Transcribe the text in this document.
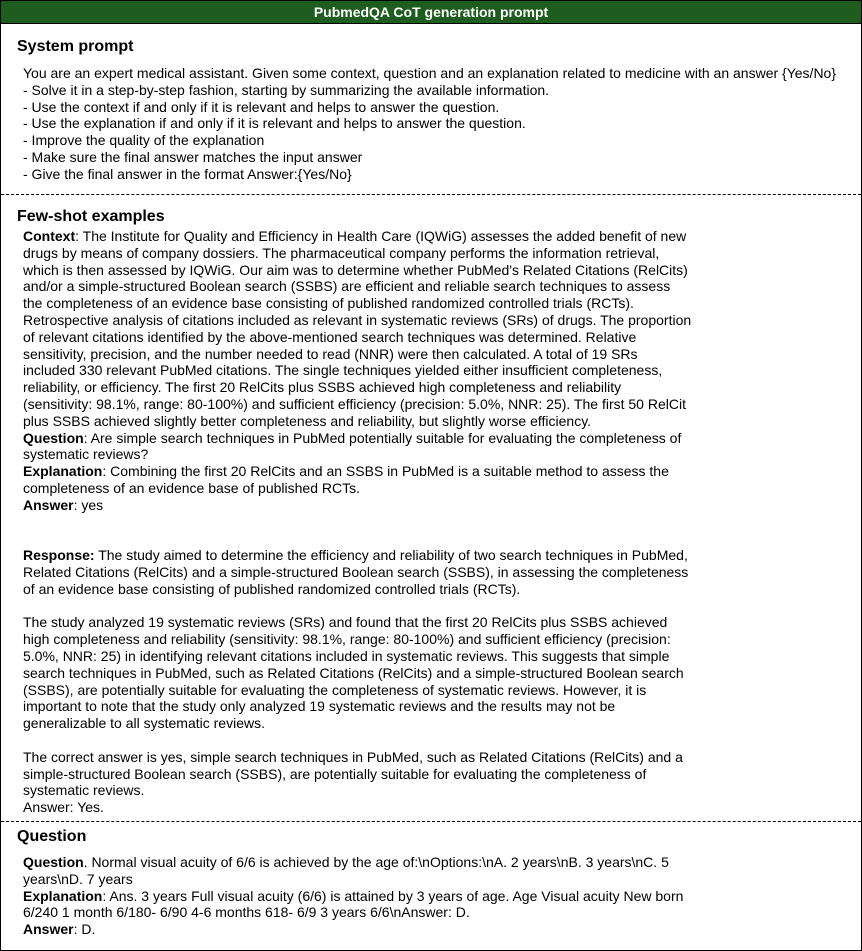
PubmedQA CoT generation prompt
System prompt

You are an expert medical assistant. Given some context, question and an explanation related to medicine with an answer {Yes/No}

- Solve it in a step-by-step fashion, starting by summarizing the available information.

- Use the context if and only if it is relevant and helps to answer the question.

- Use the explanation if and only if it is relevant and helps to answer the question.

- Improve the quality of the explanation

- Make sure the final answer matches the input answer

- Give the final answer in the format Answer:{Yes/No}

Few-shot examples

Context: The Institute for Quality and Efficiency in Health Care (IQWiG) assesses the added benefit of new drugs by means of company dossiers. The pharmaceutical company performs the information retrieval, which is then assessed by IQWiG. Our aim was to determine whether PubMed's Related Citations (RelCits) and/or a simple-structured Boolean search (SSBS) are efficient and reliable search techniques to assess the completeness of an evidence base consisting of published randomized controlled trials (RCTs). Retrospective analysis of citations included as relevant in systematic reviews (SRs) of drugs. The proportion of relevant citations identified by the above-mentioned search techniques was determined. Relative sensitivity, precision, and the number needed to read (NNR) were then calculated. A total of 19 SRs included 330 relevant PubMed citations. The single techniques yielded either insufficient completeness, reliability, or efficiency. The first 20 RelCits plus SSBS achieved high completeness and reliability (sensitivity: 98.1%, range: 80-100%) and sufficient efficiency (precision: 5.0%, NNR: 25). The first 50 RelCit plus SSBS achieved slightly better completeness and reliability, but slightly worse efficiency.

Question: Are simple search techniques in PubMed potentially suitable for evaluating the completeness of systematic reviews?

Explanation: Combining the first 20 RelCits and an SSBS in PubMed is a suitable method to assess the completeness of an evidence base of published RCTs.

Answer: yes

Response: The study aimed to determine the efficiency and reliability of two search techniques in PubMed, Related Citations (RelCits) and a simple-structured Boolean search (SSBS), in assessing the completeness of an evidence base consisting of published randomized controlled trials (RCTs).

The study analyzed 19 systematic reviews (SRs) and found that the first 20 RelCits plus SSBS achieved high completeness and reliability (sensitivity: 98.1%, range: 80-100%) and sufficient efficiency (precision: 5.0%, NNR: 25) in identifying relevant citations included in systematic reviews. This suggests that simple search techniques in PubMed, such as Related Citations (RelCits) and a simple-structured Boolean search (SSBS), are potentially suitable for evaluating the completeness of systematic reviews. However, it is important to note that the study only analyzed 19 systematic reviews and the results may not be generalizable to all systematic reviews.

The correct answer is yes, simple search techniques in PubMed, such as Related Citations (RelCits) and a simple-structured Boolean search (SSBS), are potentially suitable for evaluating the completeness of systematic reviews.

Answer: Yes.

Question

Question. Normal visual acuity of 6/6 is achieved by the age of:\nOptions:\nA. 2 years\nB. 3 years\nC. 5 years\nD. 7 years

Explanation: Ans. 3 years Full visual acuity (6/6) is attained by 3 years of age. Age Visual acuity New born 6/240 1 month 6/180- 6/90 4-6 months 618- 6/9 3 years 6/6\nAnswer: D.

Answer: D.
